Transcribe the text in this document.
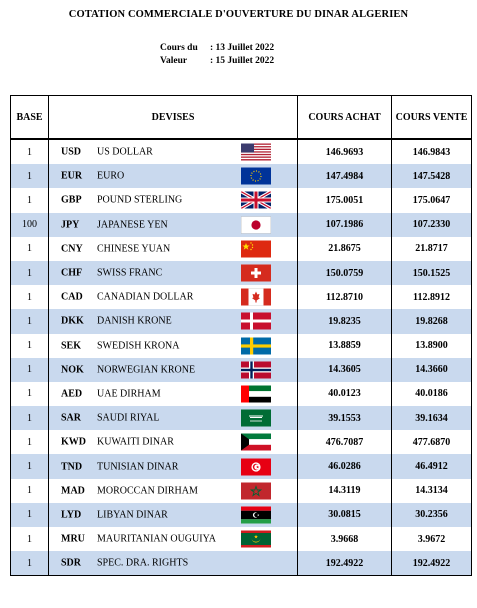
COTATION COMMERCIALE D'OUVERTURE DU DINAR ALGERIEN
Cours du	: 13 Juillet 2022
Valeur	: 15 Juillet 2022
BASE	DEVISES	COURS ACHAT	COURS VENTE
1	USD US DOLLAR	146.9693	146.9843
1	EUR EURO	147.4984	147.5428
1	GBP POUND STERLING	175.0051	175.0647
100	JPY JAPANESE YEN	107.1986	107.2330
1	CNY CHINESE YUAN	21.8675	21.8717
1	CHF SWISS FRANC	150.0759	150.1525
1	CAD CANADIAN DOLLAR	112.8710	112.8912
1	DKK DANISH KRONE	19.8235	19.8268
1	SEK SWEDISH KRONA	13.8859	13.8900
1	NOK NORWEGIAN KRONE	14.3605	14.3660
1	AED UAE DIRHAM	40.0123	40.0186
1	SAR SAUDI RIYAL	39.1553	39.1634
1	KWD KUWAITI DINAR	476.7087	477.6870
1	TND TUNISIAN DINAR	46.0286	46.4912
1	MAD MOROCCAN DIRHAM	14.3119	14.3134
1	LYD LIBYAN DINAR	30.0815	30.2356
1	MRU MAURITANIAN OUGUIYA	3.9668	3.9672
1	SDR SPEC. DRA. RIGHTS	192.4922	192.4922
